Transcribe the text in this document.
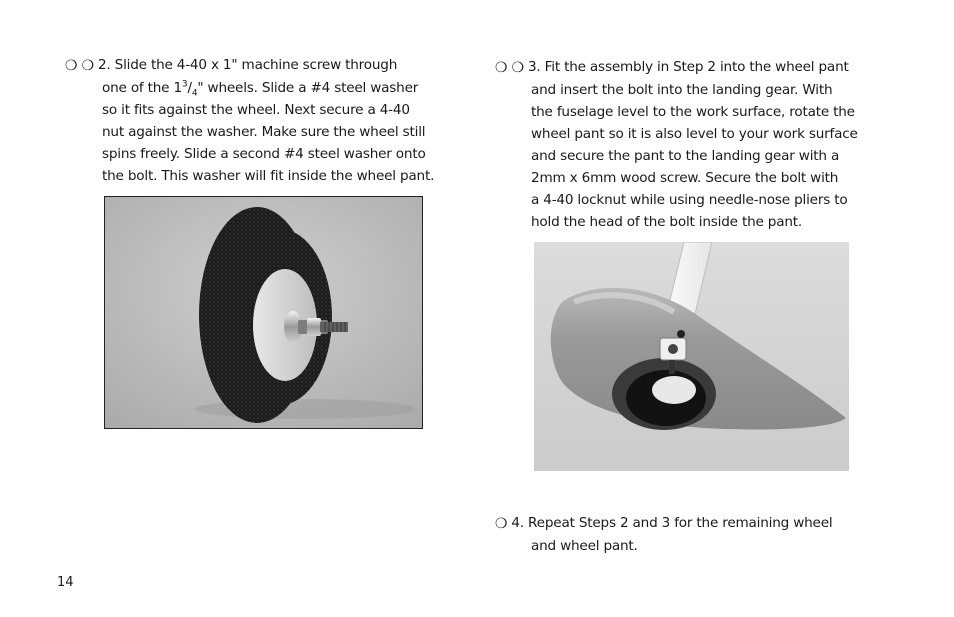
❍ ❍ 2. Slide the 4-40 x 1" machine screw through
one of the $1^3/_4$" wheels. Slide a #4 steel washer
so it fits against the wheel. Next secure a 4-40
nut against the washer. Make sure the wheel still
spins freely. Slide a second #4 steel washer onto
the bolt. This washer will fit inside the wheel pant.
❍ ❍ 3. Fit the assembly in Step 2 into the wheel pant
and insert the bolt into the landing gear. With
the fuselage level to the work surface, rotate the
wheel pant so it is also level to your work surface
and secure the pant to the landing gear with a
2mm x 6mm wood screw. Secure the bolt with
a 4-40 locknut while using needle-nose pliers to
hold the head of the bolt inside the pant.
❍ 4. Repeat Steps 2 and 3 for the remaining wheel
and wheel pant.
14
